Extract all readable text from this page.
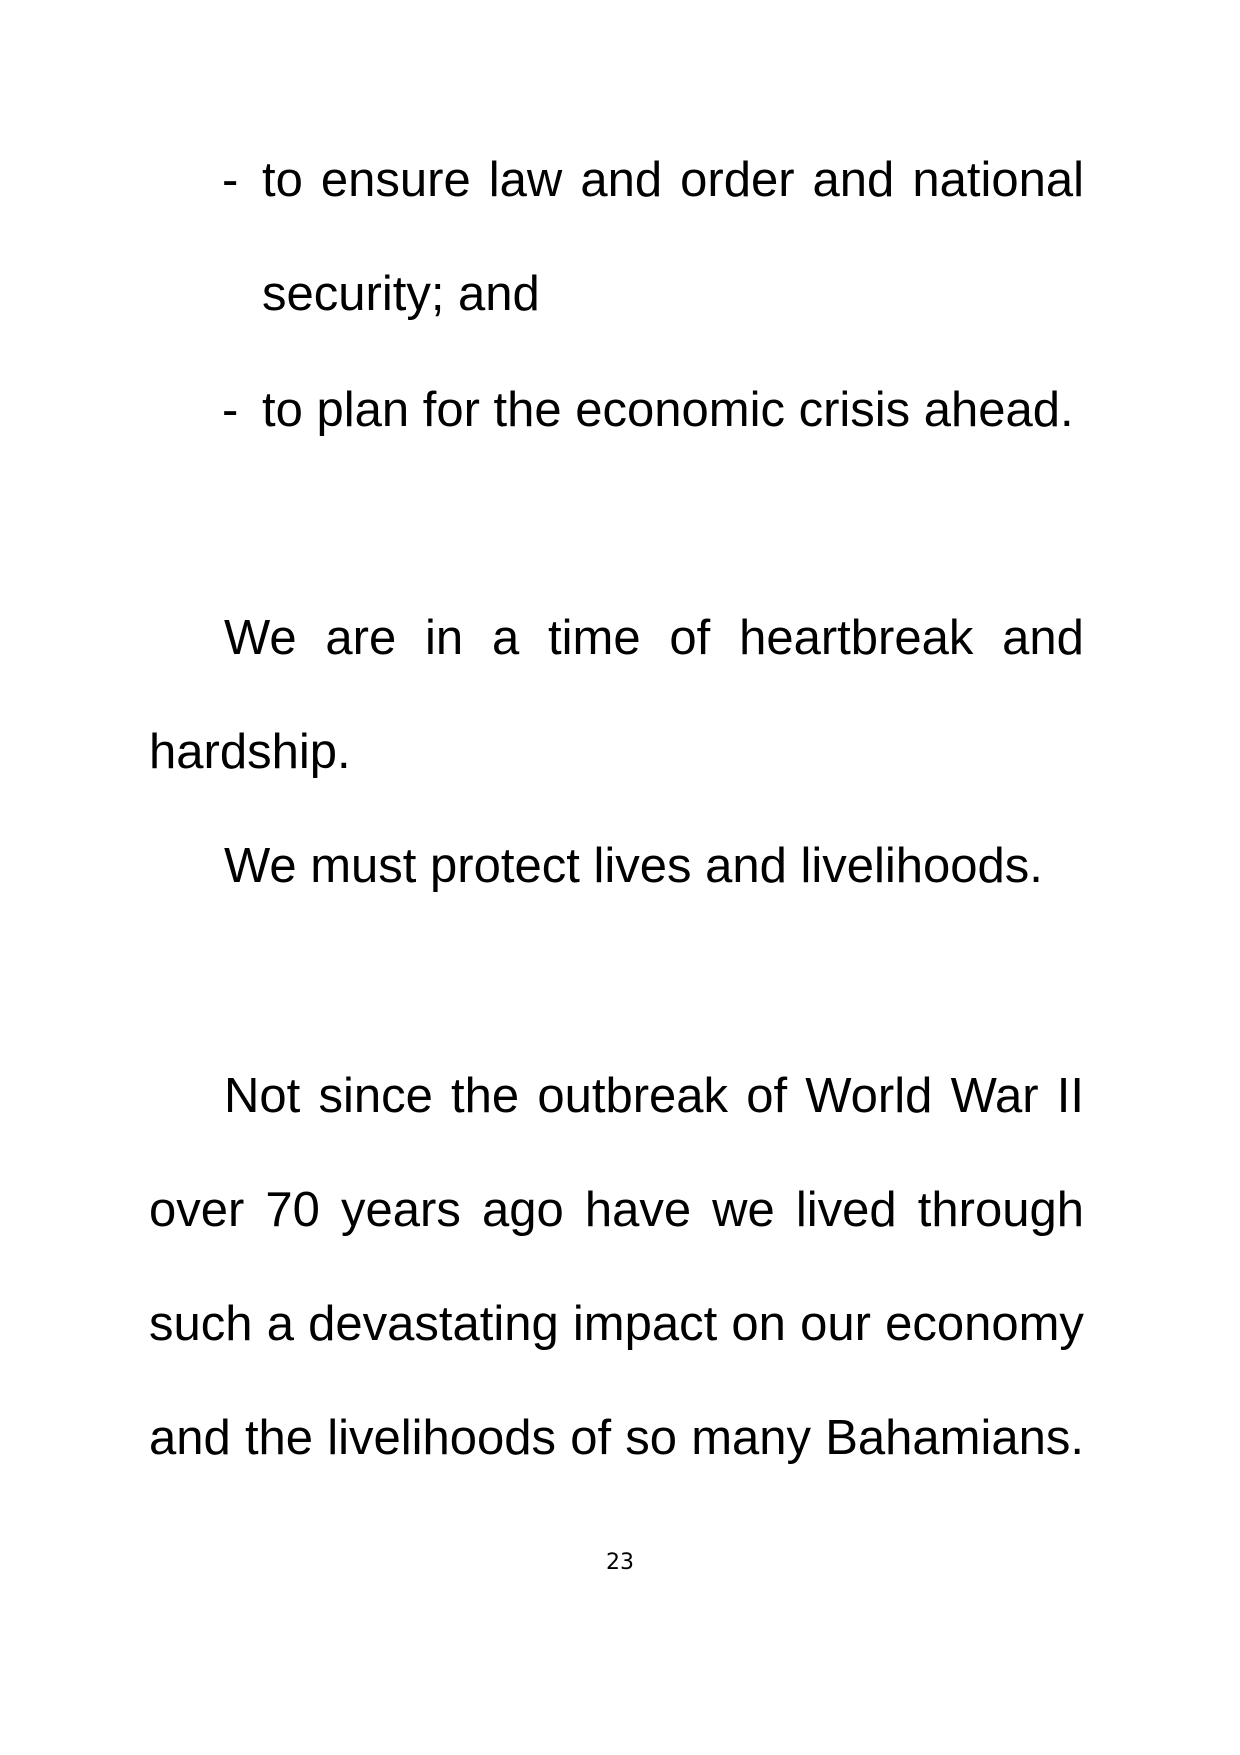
- to ensure law and order and national
security; and
- to plan for the economic crisis ahead.
We are in a time of heartbreak and
hardship.
We must protect lives and livelihoods.
Not since the outbreak of World War II
over 70 years ago have we lived through
such a devastating impact on our economy
and the livelihoods of so many Bahamians.
23
